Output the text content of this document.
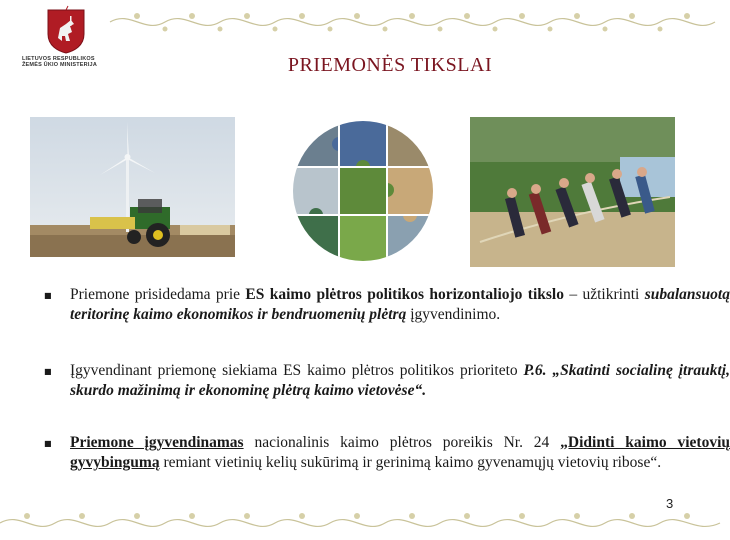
LIETUVOS RESPUBLIKOS
ŽEMĖS ŪKIO MINISTERIJA	PRIEMONĖS TIKSLAI
■ Priemone prisidedama prie ES kaimo plėtros politikos horizontaliojo tikslo – užtikrinti subalansuotą teritorinę kaimo ekonomikos ir bendruomenių plėtrą įgyvendinimo.
■ Įgyvendinant priemonę siekiama ES kaimo plėtros politikos prioriteto P.6. „Skatinti socialinę įtrauktį, skurdo mažinimą ir ekonominę plėtrą kaimo vietovėse“.
■ Priemone įgyvendinamas nacionalinis kaimo plėtros poreikis Nr. 24 „Didinti kaimo vietovių gyvybingumą remiant vietinių kelių sukūrimą ir gerinimą kaimo gyvenamųjų vietovių ribose“.
3
